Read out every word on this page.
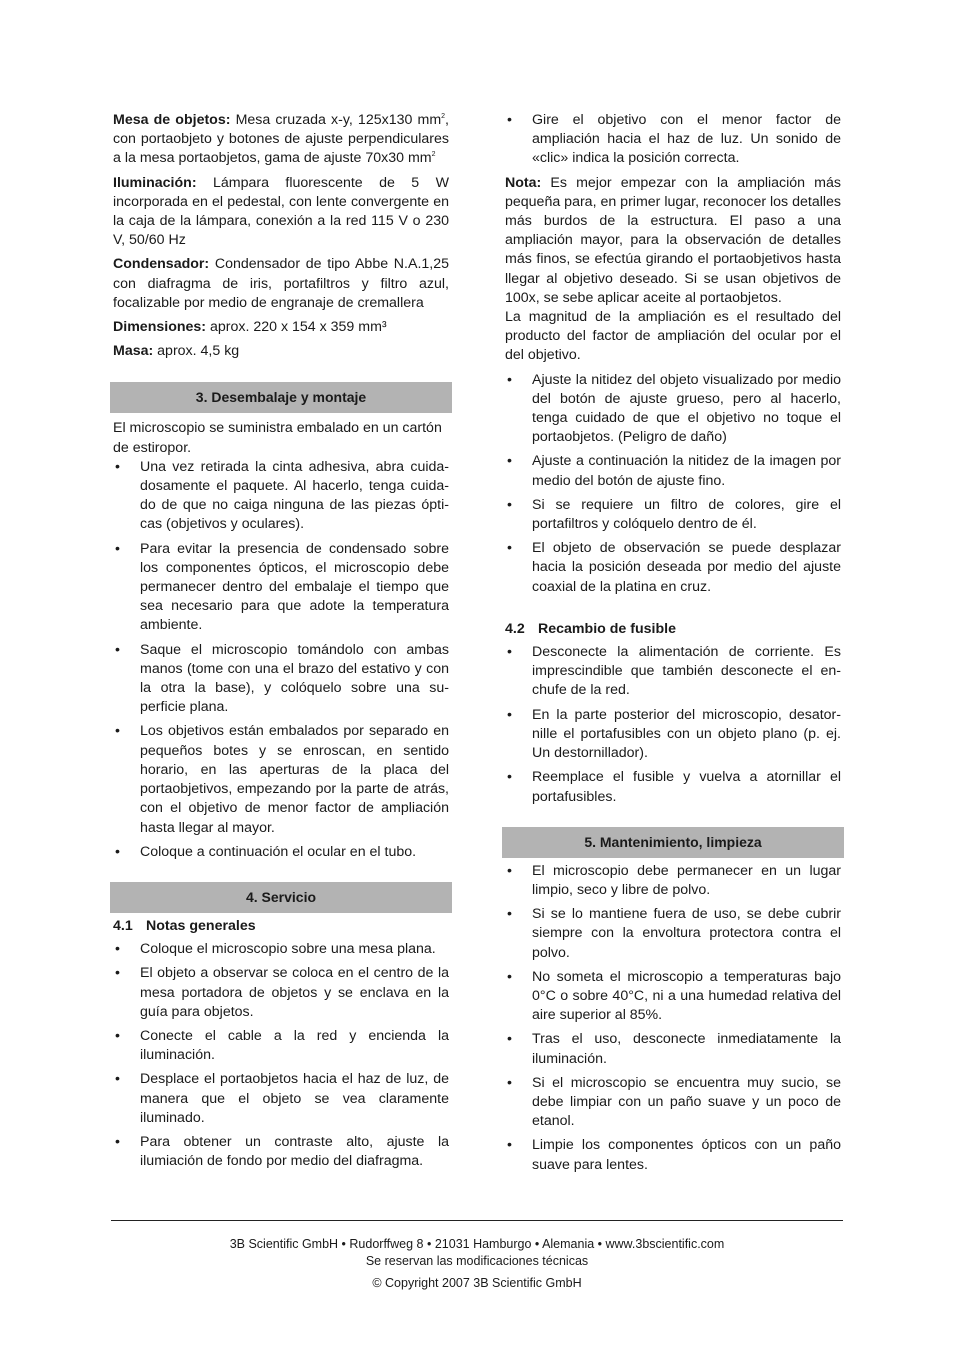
Mesa de objetos: Mesa cruzada x-y, 125x130 $mm^2$, con portaobjeto y botones de ajuste perpendiculares a la mesa portaobjetos, gama de ajuste 70x30 $mm^2$

Iluminación: Lámpara fluorescente de 5 W incorporada en el pedestal, con lente convergente en la caja de la lámpara, conexión a la red 115 V o 230 V, 50/60 Hz

Condensador: Condensador de tipo Abbe N.A.1,25 con diafragma de iris, portafiltros y filtro azul, focalizable por medio de engranaje de cremallera

Dimensiones: aprox. 220 x 154 x 359 mm³

Masa: aprox. 4,5 kg

3. Desembalaje y montaje

El microscopio se suministra embalado en un cartón de estiropor.

• Una vez retirada la cinta adhesiva, abra cuida-dosamente el paquete. Al hacerlo, tenga cuida-do de que no caiga ninguna de las piezas ópti-cas (objetivos y oculares).
• Para evitar la presencia de condensado sobre los componentes ópticos, el microscopio debe permanecer dentro del embalaje el tiempo que sea necesario para que adote la temperatura ambiente.
• Saque el microscopio tomándolo con ambas manos (tome con una el brazo del estativo y con la otra la base), y colóquelo sobre una su-perficie plana.
• Los objetivos están embalados por separado en pequeños botes y se enroscan, en sentido horario, en las aperturas de la placa del portaobjetivos, empezando por la parte de atrás, con el objetivo de menor factor de ampliación hasta llegar al mayor.
• Coloque a continuación el ocular en el tubo.
4. Servicio

4.1 Notas generales

• Coloque el microscopio sobre una mesa plana.
• El objeto a observar se coloca en el centro de la mesa portadora de objetos y se enclava en la guía para objetos.
• Conecte el cable a la red y encienda la iluminación.
• Desplace el portaobjetos hacia el haz de luz, de manera que el objeto se vea claramente iluminado.
• Para obtener un contraste alto, ajuste la ilumiación de fondo por medio del diafragma.
• Gire el objetivo con el menor factor de ampliación hacia el haz de luz. Un sonido de «clic» indica la posición correcta.

Nota: Es mejor empezar con la ampliación más pequeña para, en primer lugar, reconocer los detalles más burdos de la estructura. El paso a una ampliación mayor, para la observación de detalles más finos, se efectúa girando el portaobjetivos hasta llegar al objetivo deseado. Si se usan objetivos de 100x, se sebe aplicar aceite al portaobjetos.

La magnitud de la ampliación es el resultado del producto del factor de ampliación del ocular por el del objetivo.

• Ajuste la nitidez del objeto visualizado por medio del botón de ajuste grueso, pero al hacerlo, tenga cuidado de que el objetivo no toque el portaobjetos. (Peligro de daño)
• Ajuste a continuación la nitidez de la imagen por medio del botón de ajuste fino.
• Si se requiere un filtro de colores, gire el portafiltros y colóquelo dentro de él.
• El objeto de observación se puede desplazar hacia la posición deseada por medio del ajuste coaxial de la platina en cruz.

4.2 Recambio de fusible

• Desconecte la alimentación de corriente. Es imprescindible que también desconecte el en-chufe de la red.
• En la parte posterior del microscopio, desator-nille el portafusibles con un objeto plano (p. ej. Un destornillador).
• Reemplace el fusible y vuelva a atornillar el portafusibles.
5. Mantenimiento, limpieza
• El microscopio debe permanecer en un lugar limpio, seco y libre de polvo.
• Si se lo mantiene fuera de uso, se debe cubrir siempre con la envoltura protectora contra el polvo.
• No someta el microscopio a temperaturas bajo 0°C o sobre 40°C, ni a una humedad relativa del aire superior al 85%.
• Tras el uso, desconecte inmediatamente la iluminación.
• Si el microscopio se encuentra muy sucio, se debe limpiar con un paño suave y un poco de etanol.
• Limpie los componentes ópticos con un paño suave para lentes.
3B Scientific GmbH • Rudorffweg 8 • 21031 Hamburgo • Alemania • www.3bscientific.com
Se reservan las modificaciones técnicas
© Copyright 2007 3B Scientific GmbH
